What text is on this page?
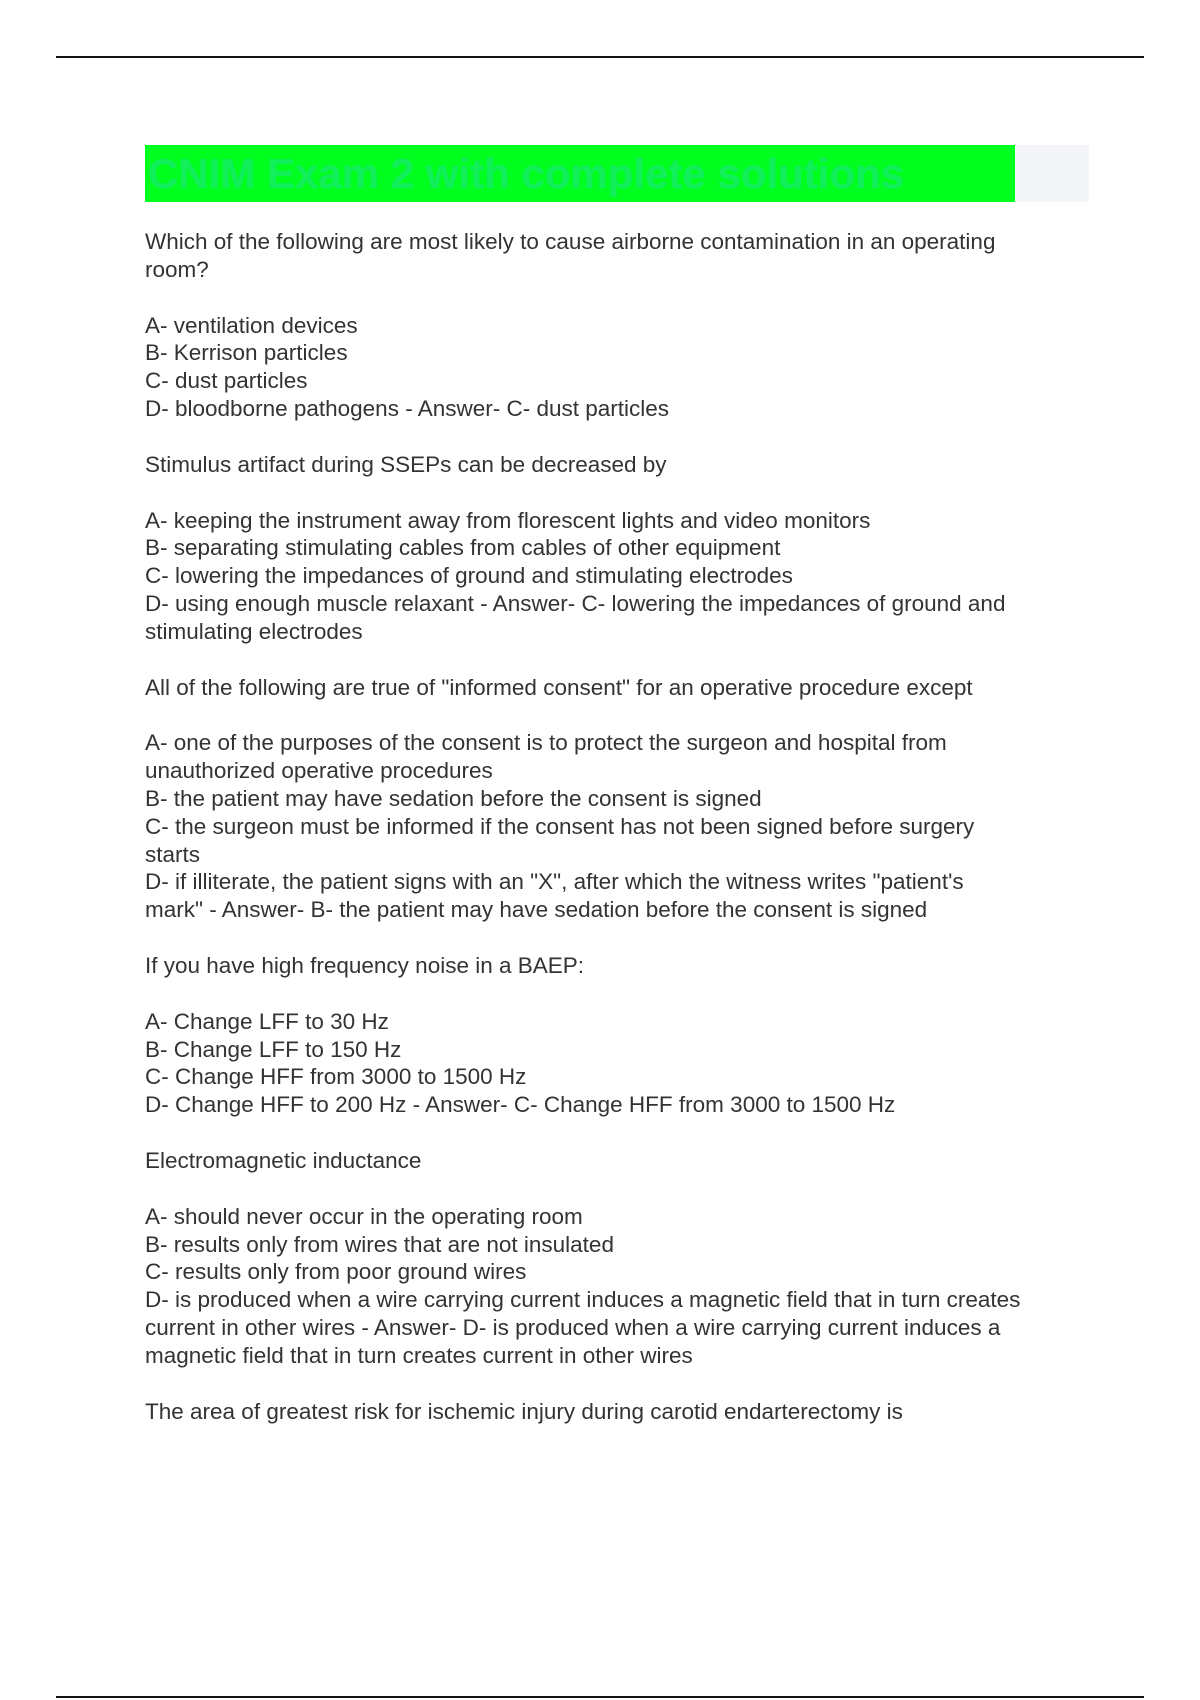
CNIM Exam 2 with complete solutions
Which of the following are most likely to cause airborne contamination in an operating
room?
A- ventilation devices
B- Kerrison particles
C- dust particles
D- bloodborne pathogens - Answer- C- dust particles
Stimulus artifact during SSEPs can be decreased by
A- keeping the instrument away from florescent lights and video monitors
B- separating stimulating cables from cables of other equipment
C- lowering the impedances of ground and stimulating electrodes
D- using enough muscle relaxant - Answer- C- lowering the impedances of ground and
stimulating electrodes
All of the following are true of "informed consent" for an operative procedure except
A- one of the purposes of the consent is to protect the surgeon and hospital from
unauthorized operative procedures
B- the patient may have sedation before the consent is signed
C- the surgeon must be informed if the consent has not been signed before surgery
starts
D- if illiterate, the patient signs with an "X", after which the witness writes "patient's
mark" - Answer- B- the patient may have sedation before the consent is signed
If you have high frequency noise in a BAEP:
A- Change LFF to 30 Hz
B- Change LFF to 150 Hz
C- Change HFF from 3000 to 1500 Hz
D- Change HFF to 200 Hz - Answer- C- Change HFF from 3000 to 1500 Hz
Electromagnetic inductance
A- should never occur in the operating room
B- results only from wires that are not insulated
C- results only from poor ground wires
D- is produced when a wire carrying current induces a magnetic field that in turn creates
current in other wires - Answer- D- is produced when a wire carrying current induces a
magnetic field that in turn creates current in other wires
The area of greatest risk for ischemic injury during carotid endarterectomy is
